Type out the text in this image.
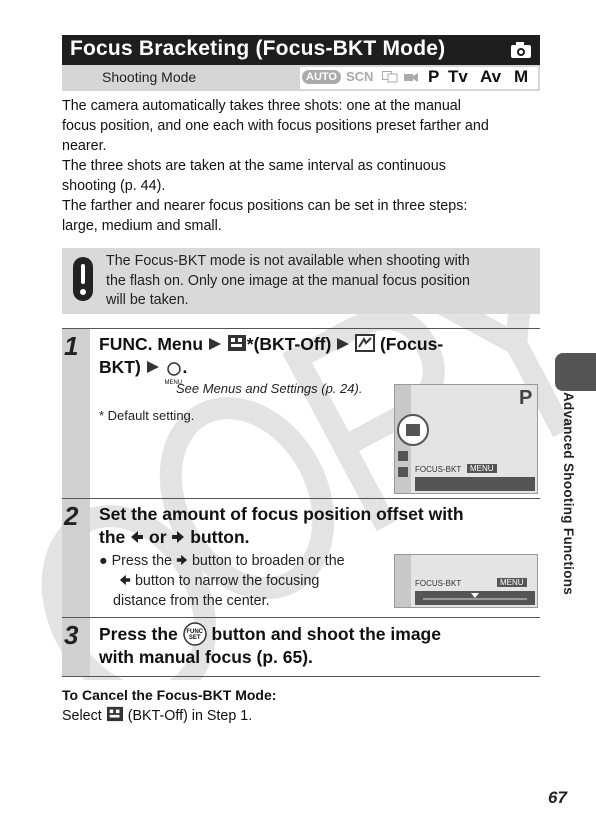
Focus Bracketing (Focus-BKT Mode)
Shooting Mode	AUTO SCN	P Tv Av M
The camera automatically takes three shots: one at the manual
focus position, and one each with focus positions preset farther and
nearer.
The three shots are taken at the same interval as continuous
shooting (p. 44).
The farther and nearer focus positions can be set in three steps:
large, medium and small.
The Focus-BKT mode is not available when shooting with
the flash on. Only one image at the manual focus position
will be taken.
1 FUNC. Menu	*(BKT-Off)	(Focus-
BKT)
MENU
.
See Menus and Settings (p. 24).
* Default setting.
FOCUS-BKT	MENU
P
2 Set the amount of focus position offset with
the or button.
● Press the button to broaden or the
button to narrow the focusing
distance from the center.
FOCUS-BKT	MENU
3 Press the FUNC SET button and shoot the image
with manual focus (p. 65).
To Cancel the Focus-BKT Mode:
Select (BKT-Off) in Step 1.
Advanced Shooting Functions
67
